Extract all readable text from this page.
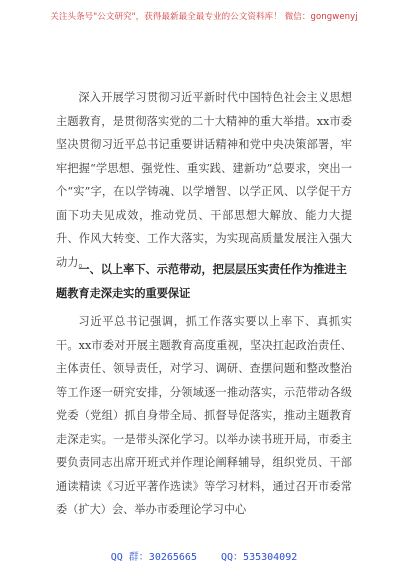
关注头条号"公文研究"，获得最新最全最专业的公文资料库！ 微信：gongwenyj
深入开展学习贯彻习近平新时代中国特色社会主义思想主题教育，是贯彻落实党的二十大精神的重大举措。xx市委坚决贯彻习近平总书记重要讲话精神和党中央决策部署，牢牢把握“学思想、强党性、重实践、建新功”总要求，突出一个“实”字，在以学铸魂、以学增智、以学正风、以学促干方面下功夫见成效，推动党员、干部思想大解放、能力大提升、作风大转变、工作大落实，为实现高质量发展注入强大动力。
一、以上率下、示范带动，把层层压实责任作为推进主题教育走深走实的重要保证
习近平总书记强调，抓工作落实要以上率下、真抓实干。xx市委对开展主题教育高度重视，坚决扛起政治责任、主体责任、领导责任，对学习、调研、查摆问题和整改整治等工作逐一研究安排，分领域逐一推动落实，示范带动各级党委（党组）抓自身带全局、抓督导促落实，推动主题教育走深走实。一是带头深化学习。以举办读书班开局，市委主要负责同志出席开班式并作理论阐释辅导，组织党员、干部通读精读《习近平著作选读》等学习材料，通过召开市委常委（扩大）会、举办市委理论学习中心
QQ 群：30265665 QQ：535304092
